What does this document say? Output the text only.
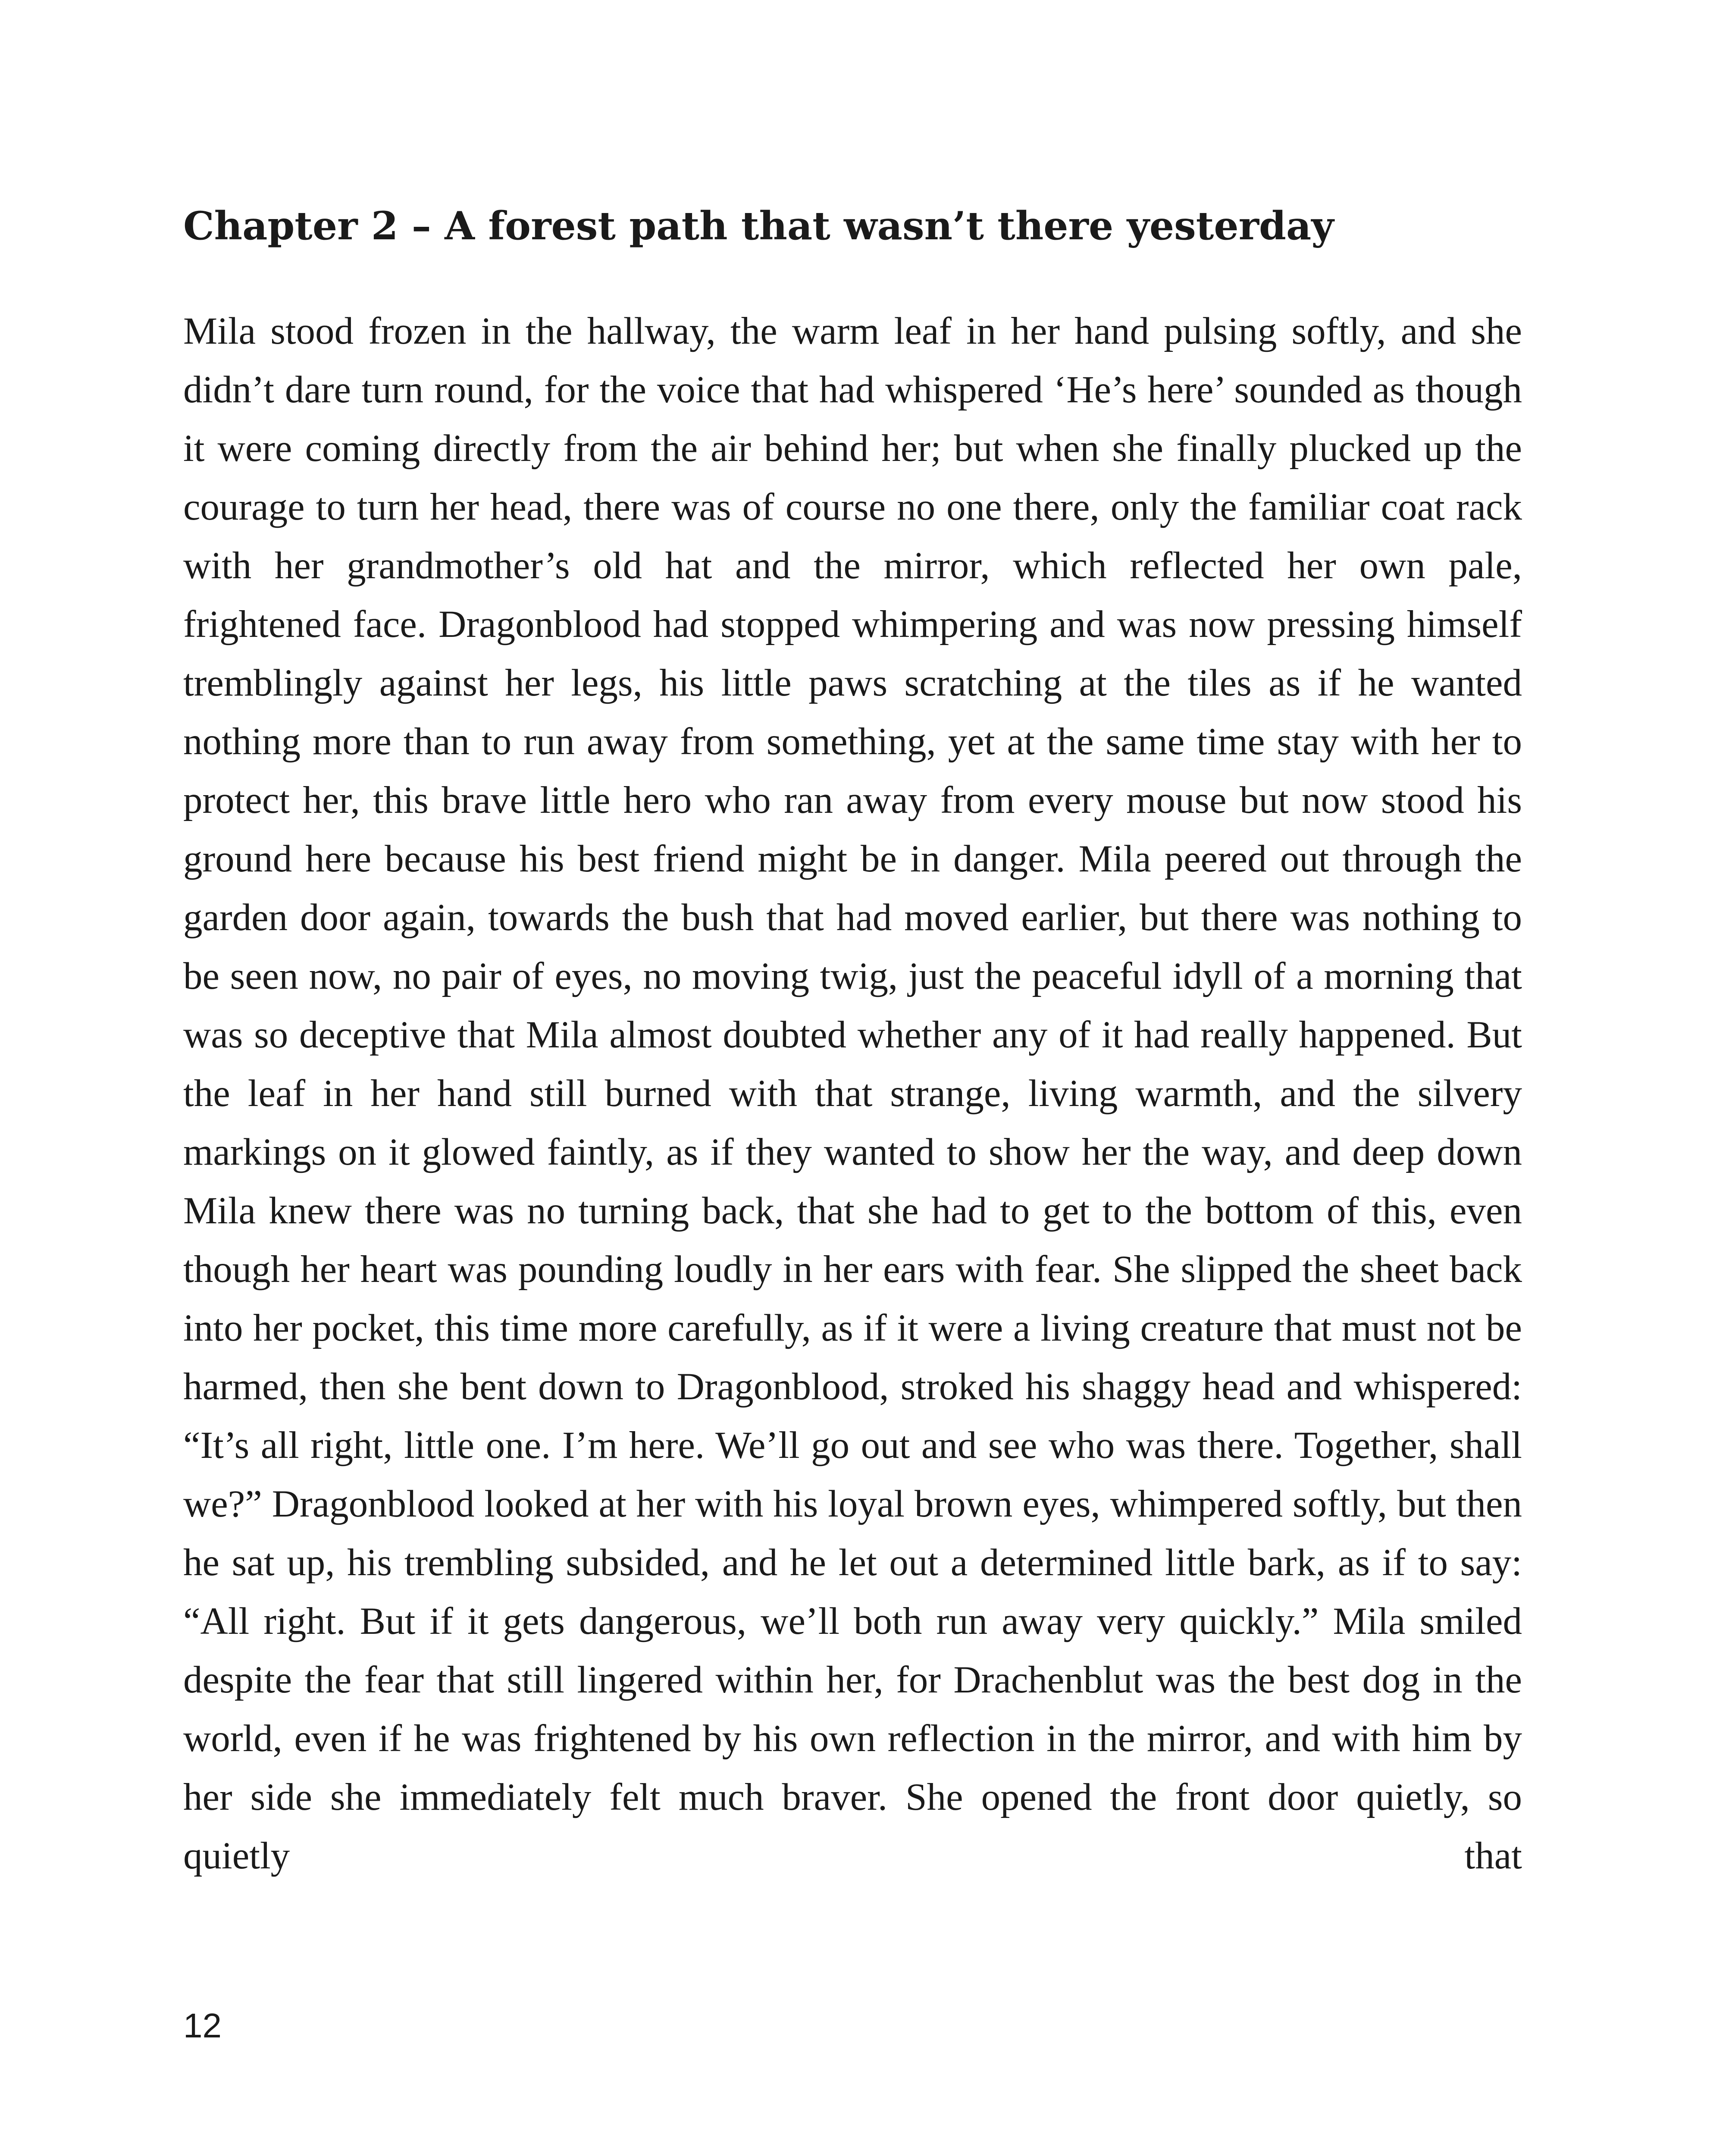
Chapter 2 – A forest path that wasn’t there yesterday

Mila stood frozen in the hallway, the warm leaf in her hand pulsing softly, and she didn’t dare turn round, for the voice that had whispered ‘He’s here’ sounded as though it were coming directly from the air behind her; but when she finally plucked up the courage to turn her head, there was of course no one there, only the familiar coat rack with her grandmother’s old hat and the mirror, which reflected her own pale, frightened face. Dragonblood had stopped whimpering and was now pressing himself tremblingly against her legs, his little paws scratching at the tiles as if he wanted nothing more than to run away from something, yet at the same time stay with her to protect her, this brave little hero who ran away from every mouse but now stood his ground here because his best friend might be in danger. Mila peered out through the garden door again, towards the bush that had moved earlier, but there was nothing to be seen now, no pair of eyes, no moving twig, just the peaceful idyll of a morning that was so deceptive that Mila almost doubted whether any of it had really happened. But the leaf in her hand still burned with that strange, living warmth, and the silvery markings on it glowed faintly, as if they wanted to show her the way, and deep down Mila knew there was no turning back, that she had to get to the bottom of this, even though her heart was pounding loudly in her ears with fear. She slipped the sheet back into her pocket, this time more carefully, as if it were a living creature that must not be harmed, then she bent down to Dragonblood, stroked his shaggy head and whispered: “It’s all right, little one. I’m here. We’ll go out and see who was there. Together, shall we?” Dragonblood looked at her with his loyal brown eyes, whimpered softly, but then he sat up, his trembling subsided, and he let out a determined little bark, as if to say: “All right. But if it gets dangerous, we’ll both run away very quickly.” Mila smiled despite the fear that still lingered within her, for Drachenblut was the best dog in the world, even if he was frightened by his own reflection in the mirror, and with him by her side she immediately felt much braver. She opened the front door quietly, so quietly that

12
